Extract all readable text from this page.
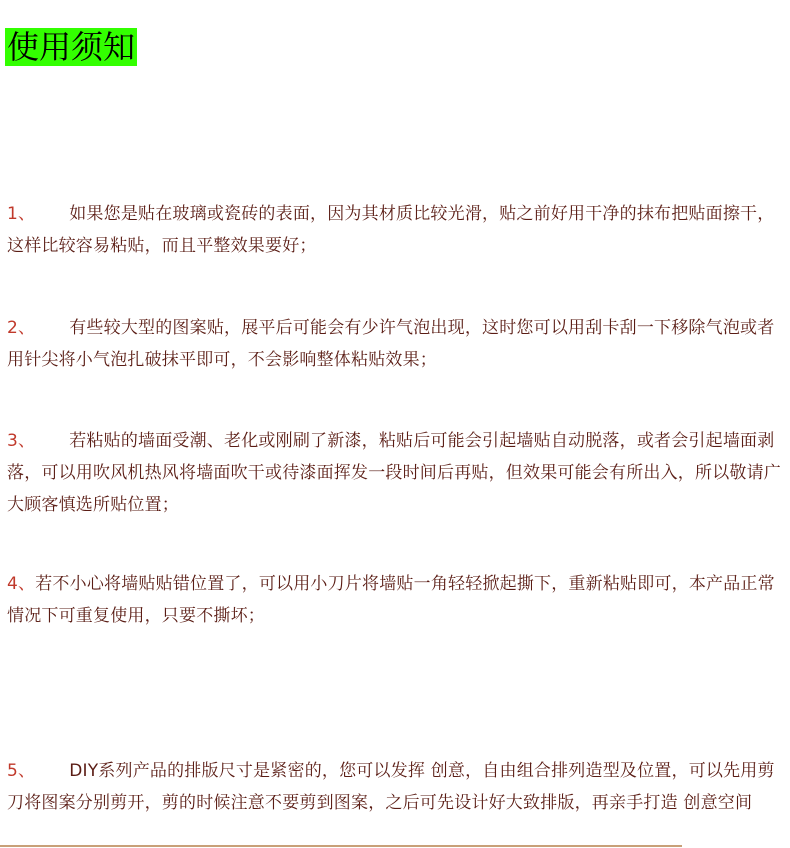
使用须知

1、 如果您是贴在玻璃或瓷砖的表面，因为其材质比较光滑，贴之前好用干净的抹布把贴面擦干，这样比较容易粘贴，而且平整效果要好；

2、 有些较大型的图案贴，展平后可能会有少许气泡出现，这时您可以用刮卡刮一下移除气泡或者用针尖将小气泡扎破抹平即可，不会影响整体粘贴效果；

3、 若粘贴的墙面受潮、老化或刚刷了新漆，粘贴后可能会引起墙贴自动脱落，或者会引起墙面剥落，可以用吹风机热风将墙面吹干或待漆面挥发一段时间后再贴，但效果可能会有所出入，所以敬请广大顾客慎选所贴位置；

4、若不小心将墙贴贴错位置了，可以用小刀片将墙贴一角轻轻掀起撕下，重新粘贴即可，本产品正常情况下可重复使用，只要不撕坏；

5、 DIY系列产品的排版尺寸是紧密的，您可以发挥 创意，自由组合排列造型及位置，可以先用剪刀将图案分别剪开，剪的时候注意不要剪到图案，之后可先设计好大致排版，再亲手打造 创意空间
